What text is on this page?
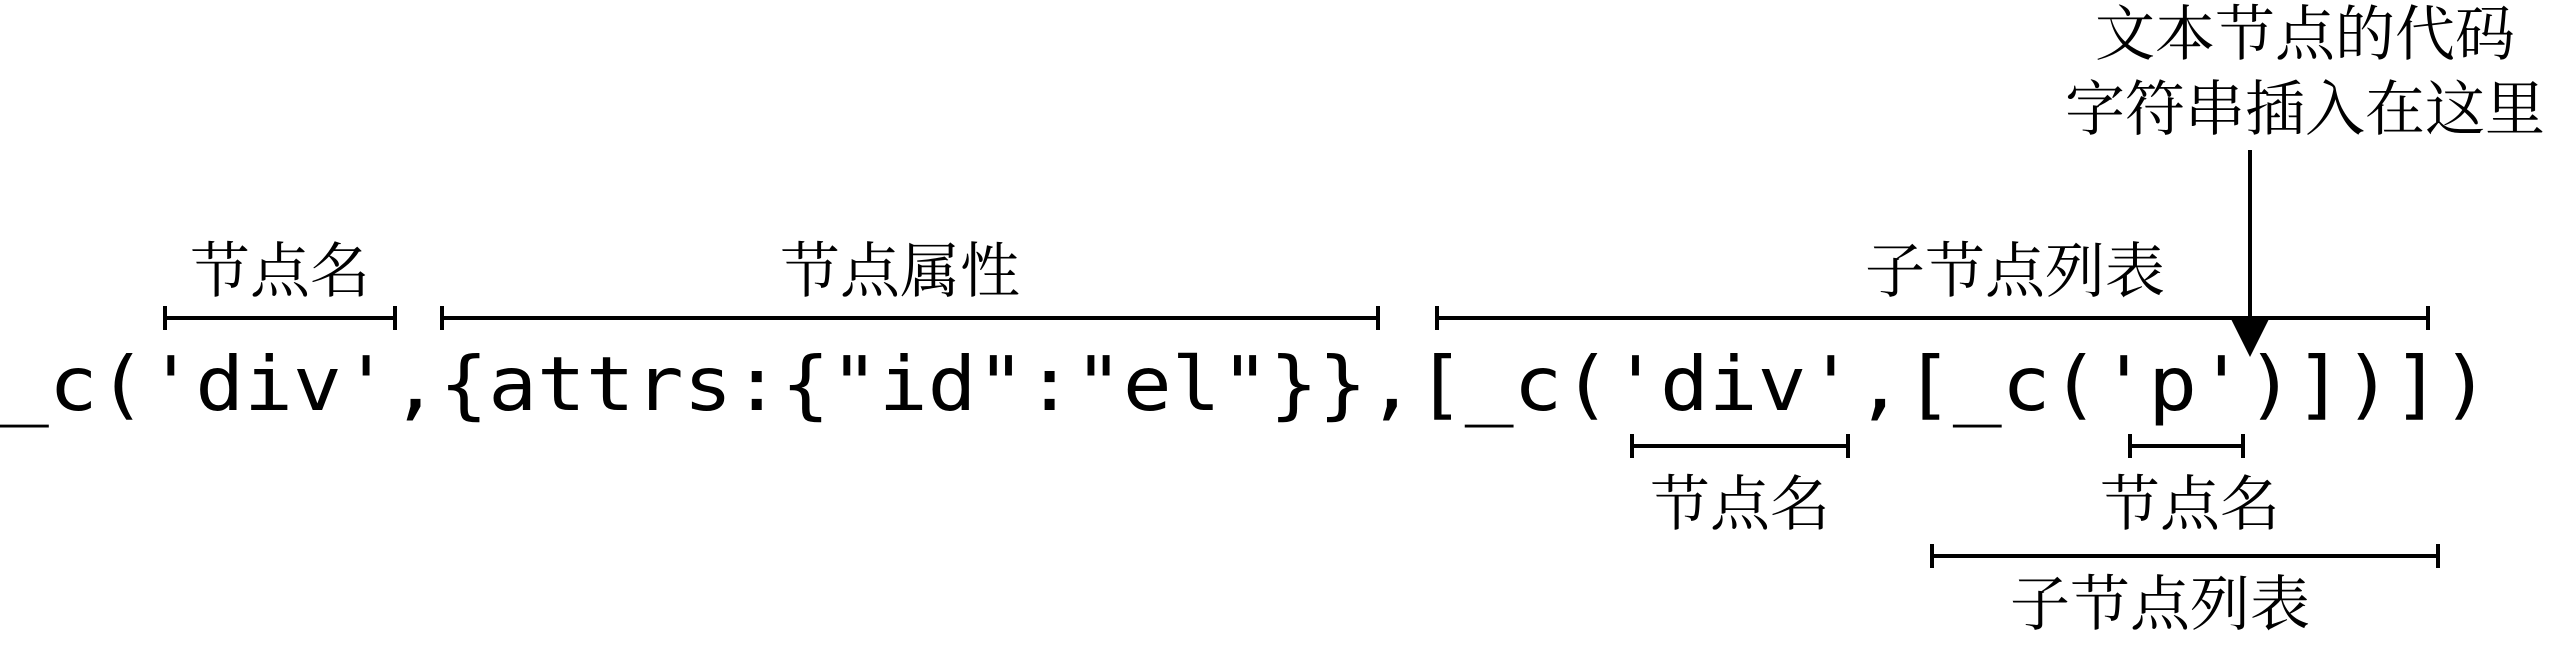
文本节点的代码
字符串插入在这里
节点名	节点属性	子节点列表
_c('div',{attrs:{"id":"el"}},[_c('div',[_c('p')])])
节点名	节点名
子节点列表
